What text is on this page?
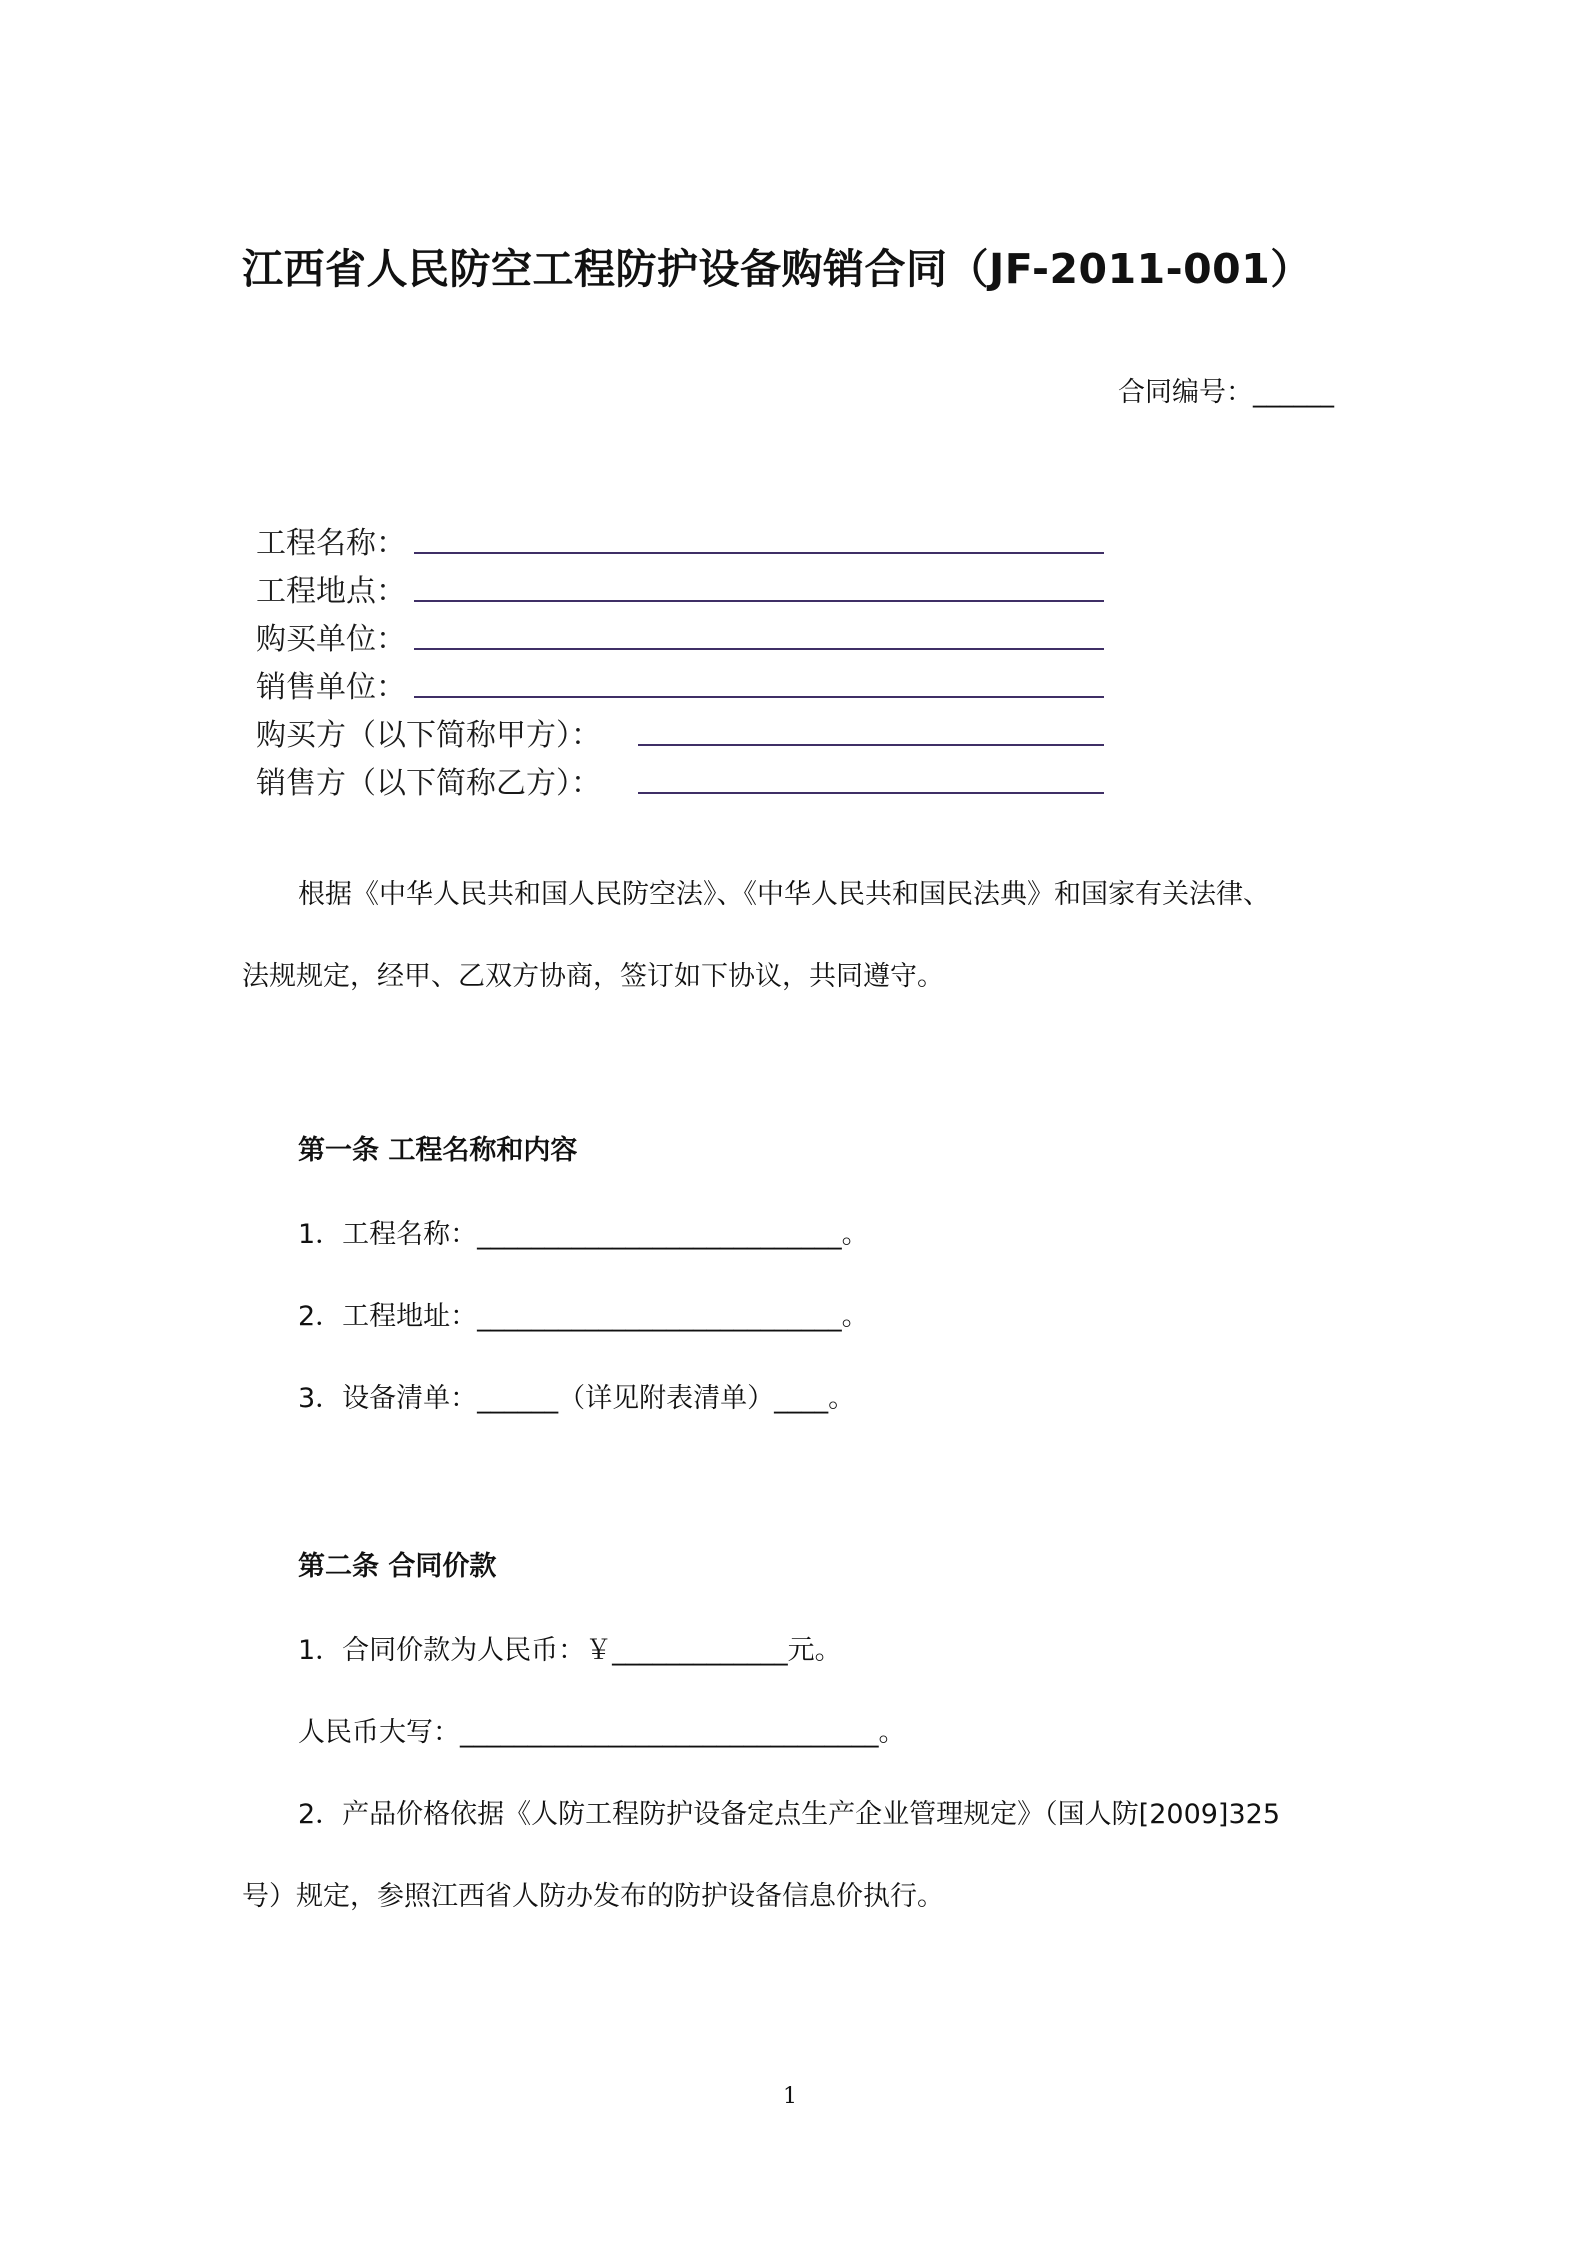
江西省人民防空工程防护设备购销合同（JF-2011-001）
合同编号：______
工程名称：
工程地点：
购买单位：
销售单位：
购买方（以下简称甲方）：
销售方（以下简称乙方）：
根据《中华人民共和国人民防空法》、《中华人民共和国民法典》和国家有关法律、
法规规定，经甲、乙双方协商，签订如下协议，共同遵守。
第一条 工程名称和内容
1．工程名称：___________________________。
2．工程地址：___________________________。
3．设备清单：______（详见附表清单）____。
第二条 合同价款
1．合同价款为人民币：￥_____________元。
人民币大写：_______________________________。
2．产品价格依据《人防工程防护设备定点生产企业管理规定》（国人防[2009]325
号）规定，参照江西省人防办发布的防护设备信息价执行。
1
